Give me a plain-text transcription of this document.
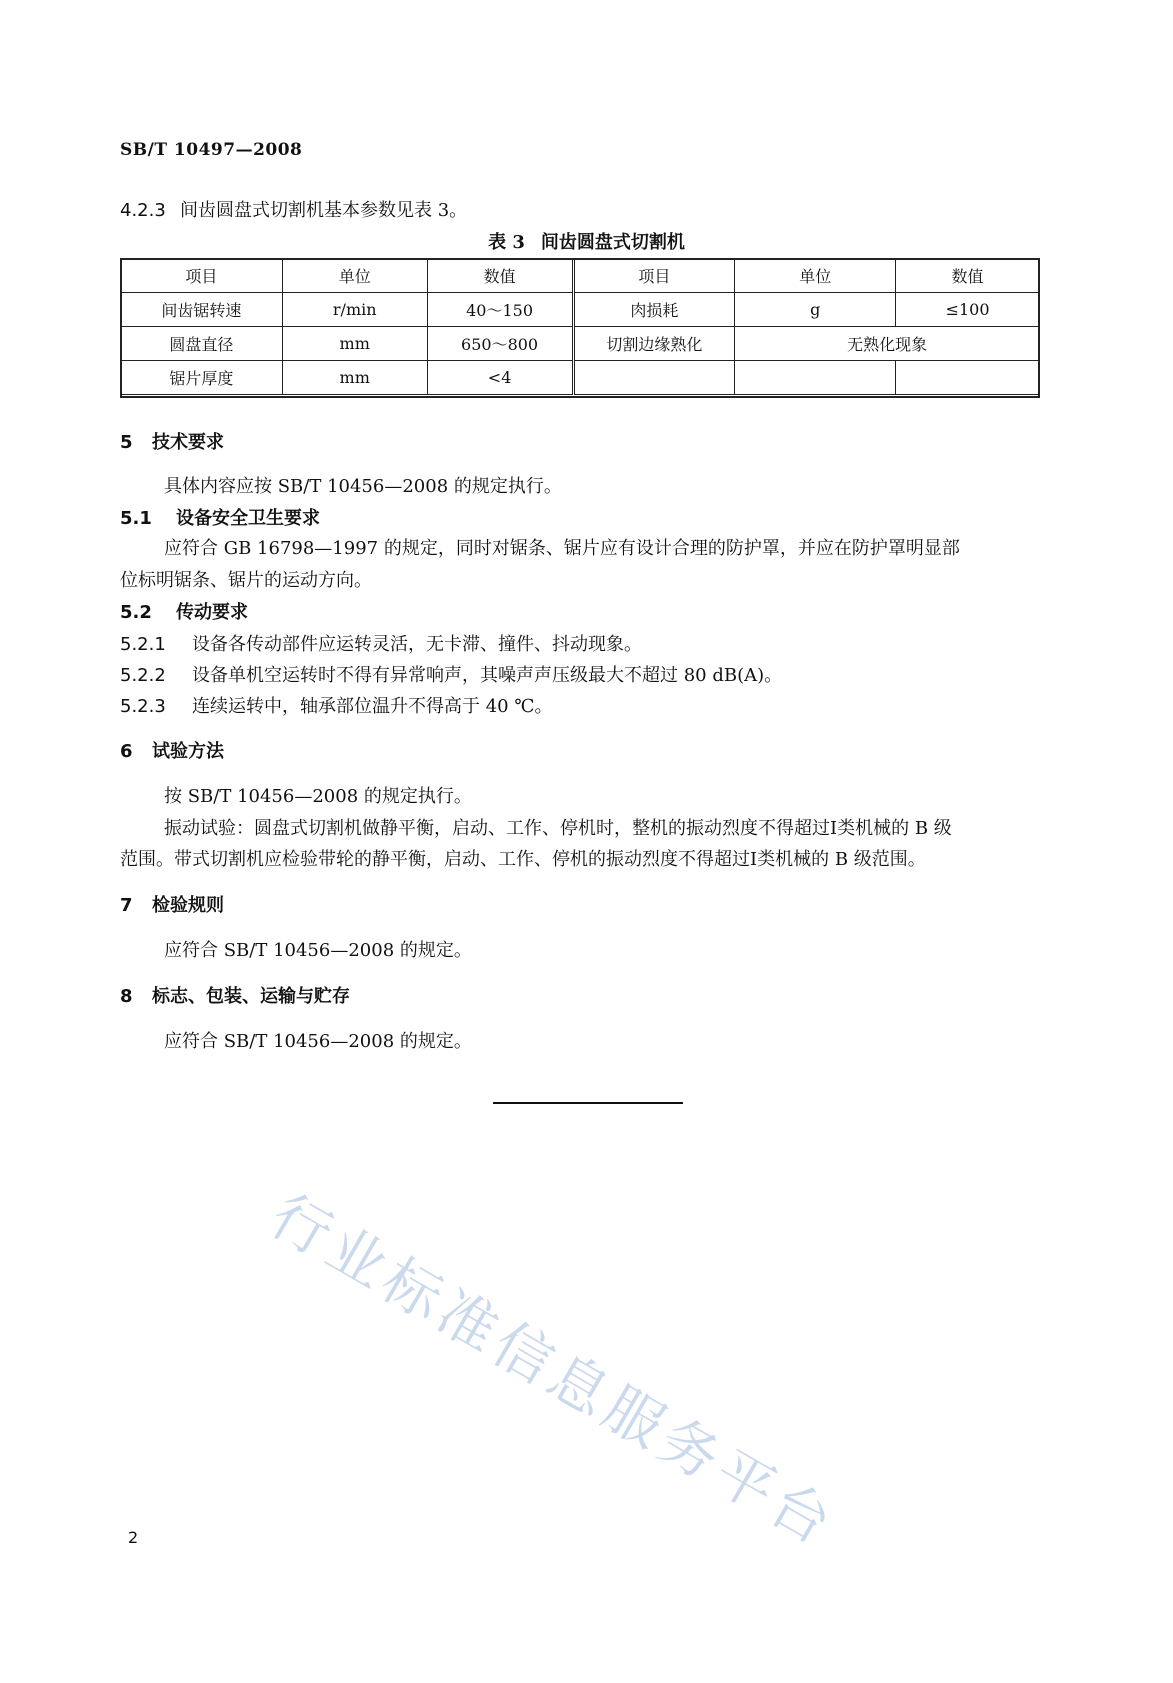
SB/T 10497—2008
4.2.3 间齿圆盘式切割机基本参数见表 3。
表 3 间齿圆盘式切割机
项目	单位	数值	项目	单位	数值
间齿锯转速	r/min	40～150	肉损耗	g	≤100
圆盘直径	mm	650～800	切割边缘熟化	无熟化现象	
锯片厚度	mm	<4			
5 技术要求
具体内容应按 SB/T 10456—2008 的规定执行。
5.1 设备安全卫生要求
应符合 GB 16798—1997 的规定，同时对锯条、锯片应有设计合理的防护罩，并应在防护罩明显部
位标明锯条、锯片的运动方向。
5.2 传动要求
5.2.1 设备各传动部件应运转灵活，无卡滞、撞件、抖动现象。
5.2.2 设备单机空运转时不得有异常响声，其噪声声压级最大不超过 80 dB(A)。
5.2.3 连续运转中，轴承部位温升不得高于 40 ℃。
6 试验方法
按 SB/T 10456—2008 的规定执行。
振动试验：圆盘式切割机做静平衡，启动、工作、停机时，整机的振动烈度不得超过Ⅰ类机械的 B 级
范围。带式切割机应检验带轮的静平衡，启动、工作、停机的振动烈度不得超过Ⅰ类机械的 B 级范围。
7 检验规则
应符合 SB/T 10456—2008 的规定。
8 标志、包装、运输与贮存
应符合 SB/T 10456—2008 的规定。
行业标准信息服务平台
2
